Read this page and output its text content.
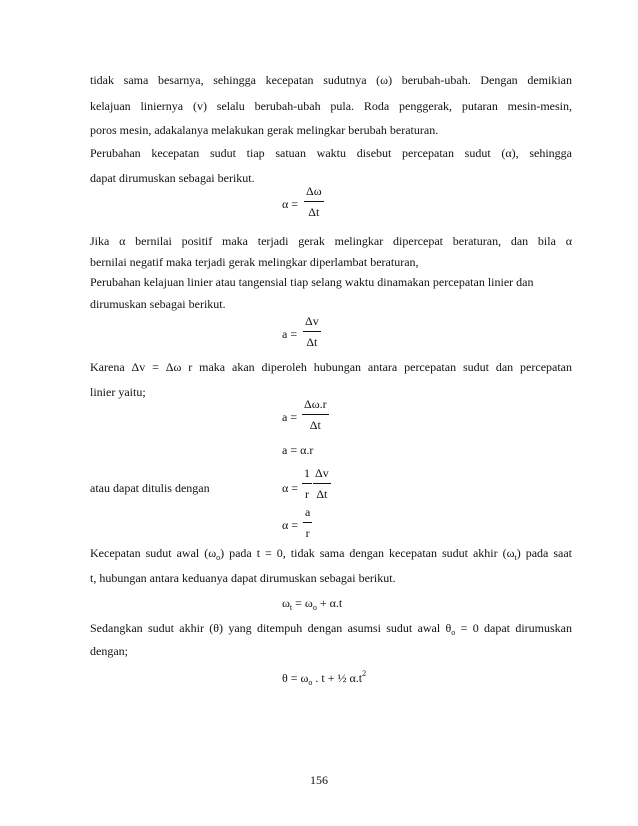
tidak sama besarnya, sehingga kecepatan sudutnya (ω) berubah-ubah. Dengan demikian
kelajuan liniernya (v) selalu berubah-ubah pula. Roda penggerak, putaran mesin-mesin,
poros mesin, adakalanya melakukan gerak melingkar berubah beraturan.
Perubahan kecepatan sudut tiap satuan waktu disebut percepatan sudut (α), sehingga
dapat dirumuskan sebagai berikut.
α =
Δω
Δt
Jika α bernilai positif maka terjadi gerak melingkar dipercepat beraturan, dan bila α
bernilai negatif maka terjadi gerak melingkar diperlambat beraturan,
Perubahan kelajuan linier atau tangensial tiap selang waktu dinamakan percepatan linier dan
dirumuskan sebagai berikut.
a =
Δv
Δt
Karena Δv = Δω r maka akan diperoleh hubungan antara percepatan sudut dan percepatan
linier yaitu;
a =
Δω.r
Δt
a = α.r
atau dapat ditulis dengan	α =
1
r
Δv
Δt
α =
a
r
Kecepatan sudut awal $(\omega_o)$ pada t = 0, tidak sama dengan kecepatan sudut akhir $(\omega_t)$ pada saat
t, hubungan antara keduanya dapat dirumuskan sebagai berikut.
$\omega_t = \omega_o + \alpha.t$
Sedangkan sudut akhir (θ) yang ditempuh dengan asumsi sudut awal $\theta_o = 0$ dapat dirumuskan
dengan;
$\theta = \omega_o$ . t + ½ $\alpha.t^2$
156
